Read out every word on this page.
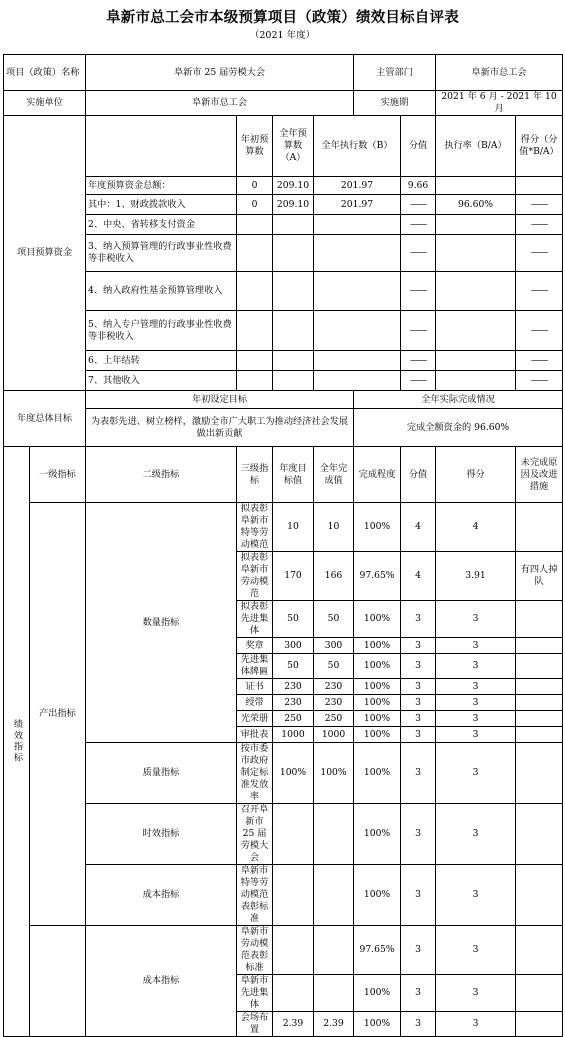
阜新市总工会市本级预算项目（政策）绩效目标自评表
（2021 年度）
项目（政策）名称		阜新市 25 届劳模大会				主管部门		阜新市总工会	
实施单位		阜新市总工会				实施期		2021 年 6 月 - 2021 年 10 月	
项目预算资金			年初预算数	全年预算数（A）	全年执行数（B）		分值	执行率（B/A）	得分（分值*B/A）
		年度预算资金总额：	0	209.10	201.97		9.66		
		其中：1、财政拨款收入	0	209.10	201.97		——	96.60%	——
		2、中央、省转移支付资金					——		——
		3、纳入预算管理的行政事业性收费等非税收入					——		——
		4、纳入政府性基金预算管理收入					——		——
		5、纳入专户管理的行政事业性收费等非税收入					——		——
		6、上年结转					——		——
		7、其他收入					——		——
年度总体目标		年初设定目标				全年实际完成情况			
		为表彰先进、树立榜样，激励全市广大职工为推动经济社会发展做出新贡献				完成全额资金的 96.60%			
绩效指标	一级指标	二级指标	三级指标	年度目标值	全年完成值	完成程度	分值	得分	未完成原因及改进措施
	产出指标	数量指标	拟表彰阜新市特等劳动模范	10	10	100%	4	4	
			拟表彰阜新市劳动模范	170	166	97.65%	4	3.91	有四人掉队
			拟表彰先进集体	50	50	100%	3	3	
			奖章	300	300	100%	3	3	
			先进集体牌匾	50	50	100%	3	3	
			证书	230	230	100%	3	3	
			绶带	230	230	100%	3	3	
			光荣册	250	250	100%	3	3	
			审批表	1000	1000	100%	3	3	
		质量指标	按市委市政府制定标准发放率	100%	100%	100%	3	3	
		时效指标	召开阜新市 25 届劳模大会			100%	3	3	
		成本指标	阜新市特等劳动模范表彰标准			100%	3	3	
		成本指标	阜新市劳动模范表彰标准			97.65%	3	3	
			阜新市先进集体			100%	3	3	
			会场布置	2.39	2.39	100%	3	3	
